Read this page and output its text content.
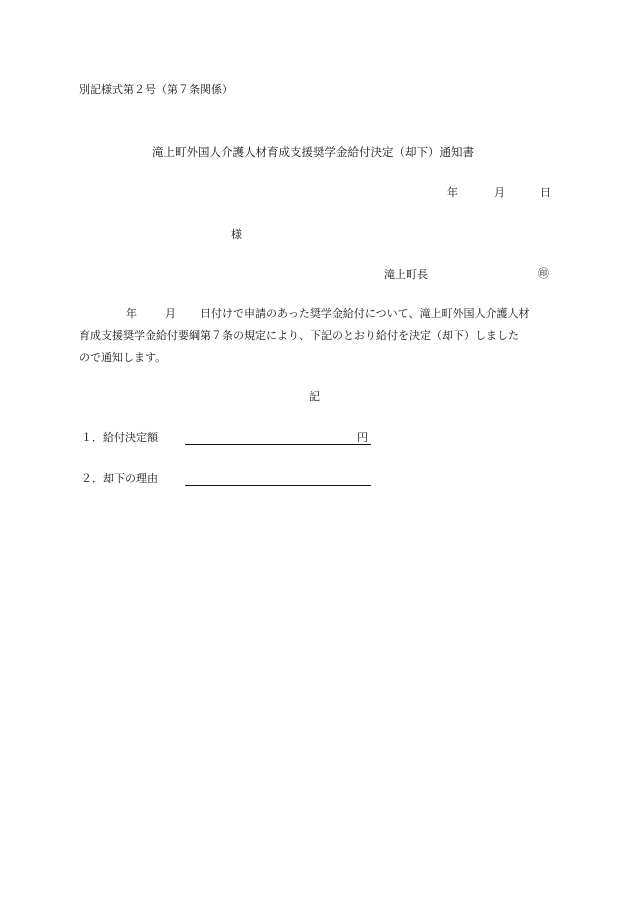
別記様式第２号（第７条関係）
滝上町外国人介護人材育成支援奨学金給付決定（却下）通知書
年	月	日
様
滝上町長	㊞
年	月 日付けで申請のあった奨学金給付について、滝上町外国人介護人材
育成支援奨学金給付要綱第７条の規定により、下記のとおり給付を決定（却下）しました
ので通知します。
記
１．給付決定額	円
２．却下の理由
